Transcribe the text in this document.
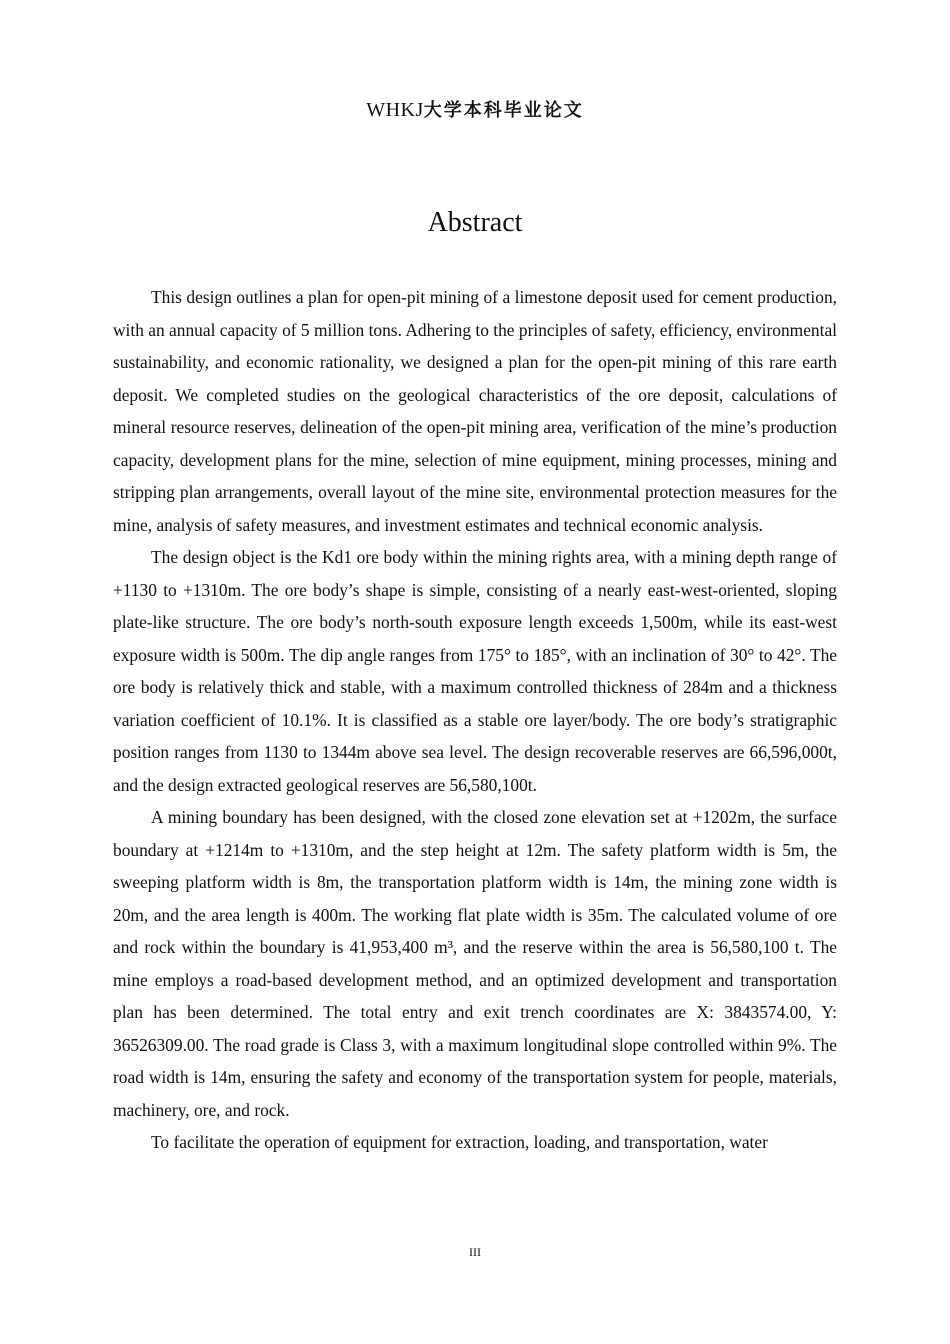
WHKJ大学本科毕业论文
Abstract

This design outlines a plan for open-pit mining of a limestone deposit used for cement production, with an annual capacity of 5 million tons. Adhering to the principles of safety, efficiency, environmental sustainability, and economic rationality, we designed a plan for the open-pit mining of this rare earth deposit. We completed studies on the geological characteristics of the ore deposit, calculations of mineral resource reserves, delineation of the open-pit mining area, verification of the mine’s production capacity, development plans for the mine, selection of mine equipment, mining processes, mining and stripping plan arrangements, overall layout of the mine site, environmental protection measures for the mine, analysis of safety measures, and investment estimates and technical economic analysis.

The design object is the Kd1 ore body within the mining rights area, with a mining depth range of +1130 to +1310m. The ore body’s shape is simple, consisting of a nearly east-west-oriented, sloping plate-like structure. The ore body’s north-south exposure length exceeds 1,500m, while its east-west exposure width is 500m. The dip angle ranges from 175° to 185°, with an inclination of 30° to 42°. The ore body is relatively thick and stable, with a maximum controlled thickness of 284m and a thickness variation coefficient of 10.1%. It is classified as a stable ore layer/body. The ore body’s stratigraphic position ranges from 1130 to 1344m above sea level. The design recoverable reserves are 66,596,000t, and the design extracted geological reserves are 56,580,100t.

A mining boundary has been designed, with the closed zone elevation set at +1202m, the surface boundary at +1214m to +1310m, and the step height at 12m. The safety platform width is 5m, the sweeping platform width is 8m, the transportation platform width is 14m, the mining zone width is 20m, and the area length is 400m. The working flat plate width is 35m. The calculated volume of ore and rock within the boundary is 41,953,400 m³, and the reserve within the area is 56,580,100 t. The mine employs a road-based development method, and an optimized development and transportation plan has been determined. The total entry and exit trench coordinates are X: 3843574.00, Y: 36526309.00. The road grade is Class 3, with a maximum longitudinal slope controlled within 9%. The road width is 14m, ensuring the safety and economy of the transportation system for people, materials, machinery, ore, and rock.

To facilitate the operation of equipment for extraction, loading, and transportation, water

III
